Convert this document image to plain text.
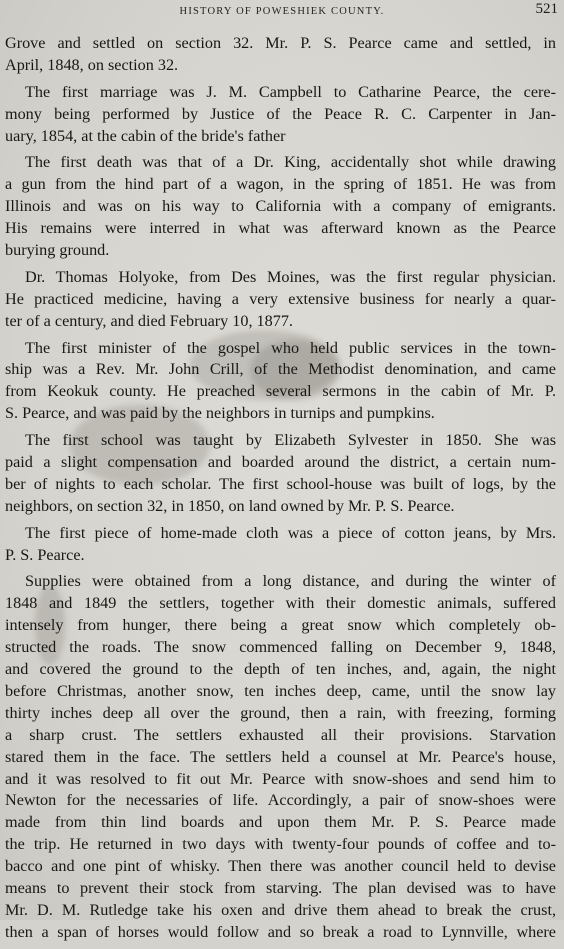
HISTORY OF POWESHIEK COUNTY.	521
Grove and settled on section 32. Mr. P. S. Pearce came and settled, in
April, 1848, on section 32.
The first marriage was J. M. Campbell to Catharine Pearce, the cere-
mony being performed by Justice of the Peace R. C. Carpenter in Jan-
uary, 1854, at the cabin of the bride's father
The first death was that of a Dr. King, accidentally shot while drawing
a gun from the hind part of a wagon, in the spring of 1851. He was from
Illinois and was on his way to California with a company of emigrants.
His remains were interred in what was afterward known as the Pearce
burying ground.
Dr. Thomas Holyoke, from Des Moines, was the first regular physician.
He practiced medicine, having a very extensive business for nearly a quar-
ter of a century, and died February 10, 1877.
The first minister of the gospel who held public services in the town-
ship was a Rev. Mr. John Crill, of the Methodist denomination, and came
from Keokuk county. He preached several sermons in the cabin of Mr. P.
S. Pearce, and was paid by the neighbors in turnips and pumpkins.
The first school was taught by Elizabeth Sylvester in 1850. She was
paid a slight compensation and boarded around the district, a certain num-
ber of nights to each scholar. The first school-house was built of logs, by the
neighbors, on section 32, in 1850, on land owned by Mr. P. S. Pearce.
The first piece of home-made cloth was a piece of cotton jeans, by Mrs.
P. S. Pearce.
Supplies were obtained from a long distance, and during the winter of
1848 and 1849 the settlers, together with their domestic animals, suffered
intensely from hunger, there being a great snow which completely ob-
structed the roads. The snow commenced falling on December 9, 1848,
and covered the ground to the depth of ten inches, and, again, the night
before Christmas, another snow, ten inches deep, came, until the snow lay
thirty inches deep all over the ground, then a rain, with freezing, forming
a sharp crust. The settlers exhausted all their provisions. Starvation
stared them in the face. The settlers held a counsel at Mr. Pearce's house,
and it was resolved to fit out Mr. Pearce with snow-shoes and send him to
Newton for the necessaries of life. Accordingly, a pair of snow-shoes were
made from thin lind boards and upon them Mr. P. S. Pearce made
the trip. He returned in two days with twenty-four pounds of coffee and to-
bacco and one pint of whisky. Then there was another council held to devise
means to prevent their stock from starving. The plan devised was to have
Mr. D. M. Rutledge take his oxen and drive them ahead to break the crust,
then a span of horses would follow and so break a road to Lynnville, where
